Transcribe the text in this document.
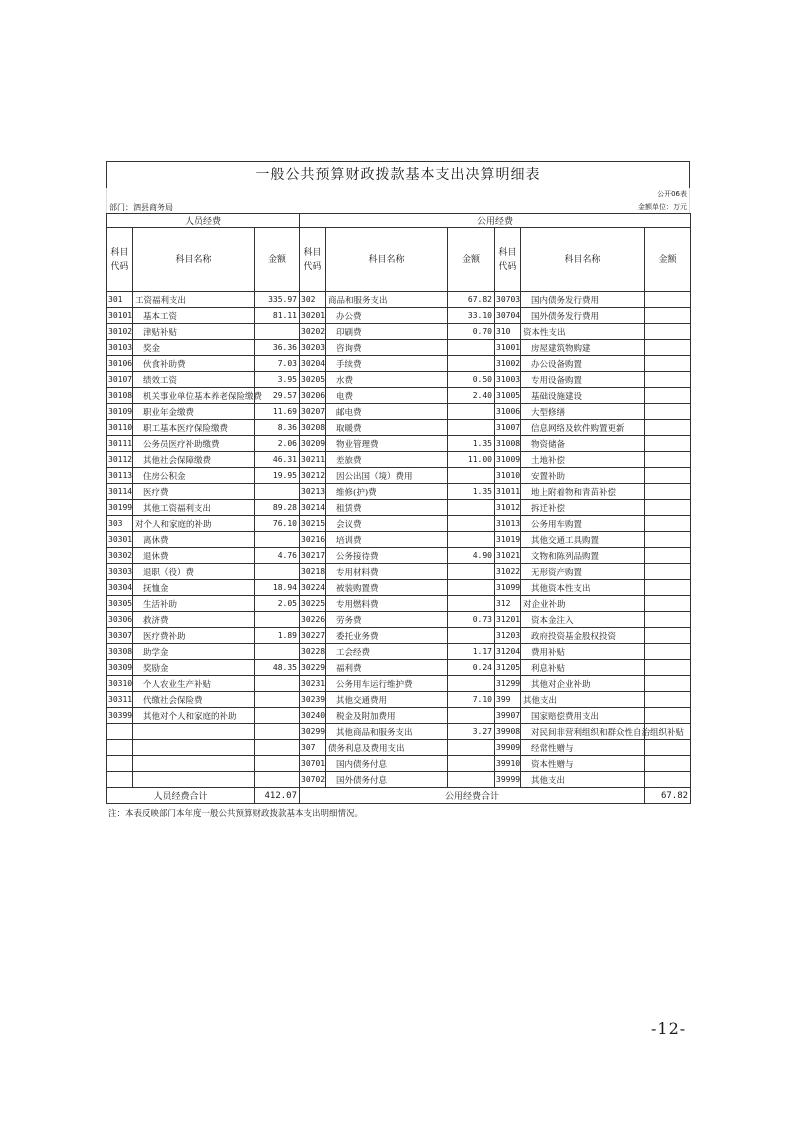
一般公共预算财政拨款基本支出决算明细表
公开06表
部门：泗县商务局	金额单位：万元
人员经费			公用经费					
科目代码	科目名称	金额	科目代码	科目名称	金额	科目代码	科目名称	金额
301	工资福利支出	335.97	302	商品和服务支出	67.82	30703	国内债务发行费用	
30101	基本工资	81.11	30201	办公费	33.10	30704	国外债务发行费用	
30102	津贴补贴		30202	印刷费	0.70	310	资本性支出	
30103	奖金	36.36	30203	咨询费		31001	房屋建筑物购建	
30106	伙食补助费	7.03	30204	手续费		31002	办公设备购置	
30107	绩效工资	3.95	30205	水费	0.50	31003	专用设备购置	
30108	机关事业单位基本养老保险缴费	29.57	30206	电费	2.40	31005	基础设施建设	
30109	职业年金缴费	11.69	30207	邮电费		31006	大型修缮	
30110	职工基本医疗保险缴费	8.36	30208	取暖费		31007	信息网络及软件购置更新	
30111	公务员医疗补助缴费	2.06	30209	物业管理费	1.35	31008	物资储备	
30112	其他社会保障缴费	46.31	30211	差旅费	11.00	31009	土地补偿	
30113	住房公积金	19.95	30212	因公出国（境）费用		31010	安置补助	
30114	医疗费		30213	维修(护)费	1.35	31011	地上附着物和青苗补偿	
30199	其他工资福利支出	89.28	30214	租赁费		31012	拆迁补偿	
303	对个人和家庭的补助	76.10	30215	会议费		31013	公务用车购置	
30301	离休费		30216	培训费		31019	其他交通工具购置	
30302	退休费	4.76	30217	公务接待费	4.90	31021	文物和陈列品购置	
30303	退职（役）费		30218	专用材料费		31022	无形资产购置	
30304	抚恤金	18.94	30224	被装购置费		31099	其他资本性支出	
30305	生活补助	2.05	30225	专用燃料费		312	对企业补助	
30306	救济费		30226	劳务费	0.73	31201	资本金注入	
30307	医疗费补助	1.89	30227	委托业务费		31203	政府投资基金股权投资	
30308	助学金		30228	工会经费	1.17	31204	费用补贴	
30309	奖励金	48.35	30229	福利费	0.24	31205	利息补贴	
30310	个人农业生产补贴		30231	公务用车运行维护费		31299	其他对企业补助	
30311	代缴社会保险费		30239	其他交通费用	7.10	399	其他支出	
30399	其他对个人和家庭的补助		30240	税金及附加费用		39907	国家赔偿费用支出	
			30299	其他商品和服务支出	3.27	39908	对民间非营利组织和群众性自治组织补贴	
			307	债务利息及费用支出		39909	经常性赠与	
			30701	国内债务付息		39910	资本性赠与	
			30702	国外债务付息		39999	其他支出	
人员经费合计		412.07	公用经费合计					67.82
注：本表反映部门本年度一般公共预算财政拨款基本支出明细情况。
-12-
